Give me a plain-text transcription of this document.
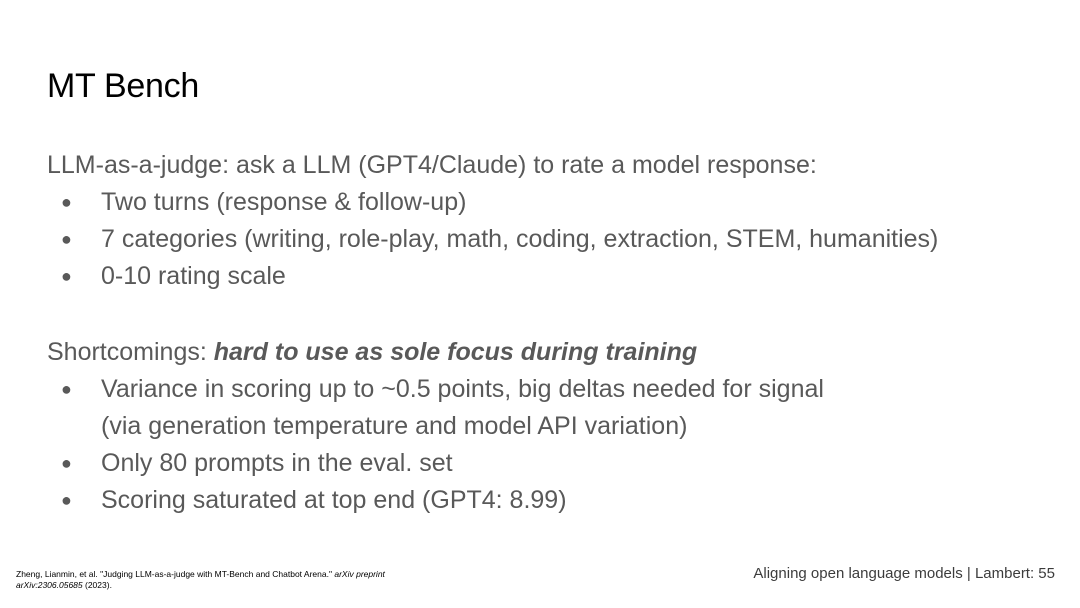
MT Bench
LLM-as-a-judge: ask a LLM (GPT4/Claude) to rate a model response:
● Two turns (response & follow-up)
● 7 categories (writing, role-play, math, coding, extraction, STEM, humanities)
● 0-10 rating scale
Shortcomings: hard to use as sole focus during training
● Variance in scoring up to ~0.5 points, big deltas needed for signal
(via generation temperature and model API variation)
● Only 80 prompts in the eval. set
● Scoring saturated at top end (GPT4: 8.99)
Zheng, Lianmin, et al. "Judging LLM-as-a-judge with MT-Bench and Chatbot Arena." arXiv preprint arXiv:2306.05685 (2023).
Aligning open language models | Lambert: 55
